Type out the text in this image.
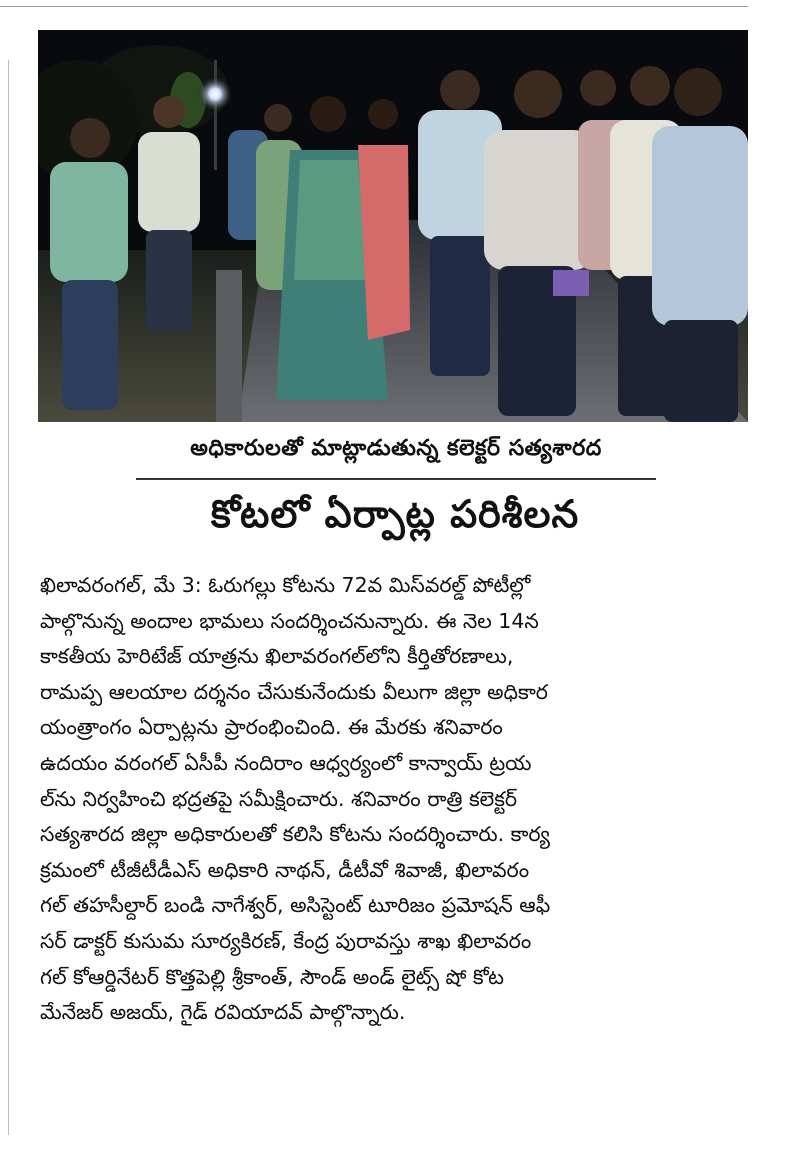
అధికారులతో మాట్లాడుతున్న కలెక్టర్ సత్యశారద
కోటలో ఏర్పాట్ల పరిశీలన
ఖిలావరంగల్, మే 3: ఓరుగల్లు కోటను 72వ మిస్‌వరల్డ్ పోటీల్లో
పాల్గొనున్న అందాల భామలు సందర్శించనున్నారు. ఈ నెల 14న
కాకతీయ హెరిటేజ్ యాత్రను ఖిలావరంగల్‌లోని కీర్తితోరణాలు,
రామప్ప ఆలయాల దర్శనం చేసుకునేందుకు వీలుగా జిల్లా అధికార
యంత్రాంగం ఏర్పాట్లను ప్రారంభించింది. ఈ మేరకు శనివారం
ఉదయం వరంగల్ ఏసీపీ నందిరాం ఆధ్వర్యంలో కాన్వాయ్ ట్రయ
ల్‌ను నిర్వహించి భద్రతపై సమీక్షించారు. శనివారం రాత్రి కలెక్టర్
సత్యశారద జిల్లా అధికారులతో కలిసి కోటను సందర్శించారు. కార్య
క్రమంలో టీజీటీడీఎస్ అధికారి నాథన్, డీటీవో శివాజీ, ఖిలావరం
గల్ తహసీల్దార్ బండి నాగేశ్వర్, అసిస్టెంట్ టూరిజం ప్రమోషన్ ఆఫీ
సర్ డాక్టర్ కుసుమ సూర్యకిరణ్, కేంద్ర పురావస్తు శాఖ ఖిలావరం
గల్ కోఆర్డినేటర్ కొత్తపెల్లి శ్రీకాంత్, సౌండ్ అండ్ లైట్స్ షో కోట
మేనేజర్ అజయ్, గైడ్ రవియాదవ్ పాల్గొన్నారు.
